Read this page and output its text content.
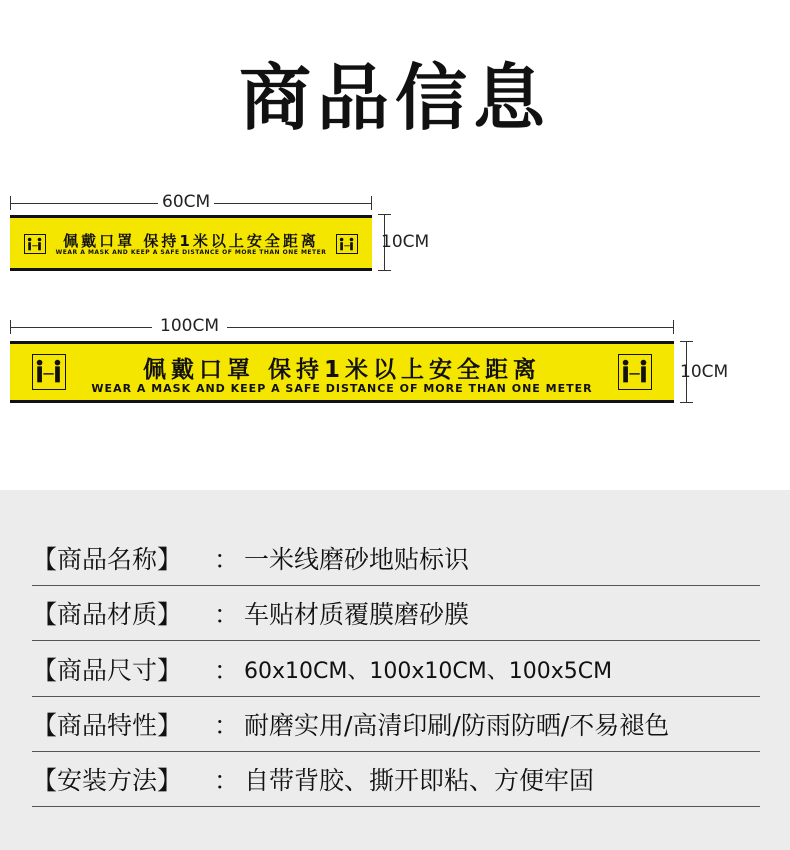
商品信息
60CM
10CM
佩戴口罩 保持1米以上安全距离
WEAR A MASK AND KEEP A SAFE DISTANCE OF MORE THAN ONE METER
100CM
10CM
佩戴口罩 保持1米以上安全距离
WEAR A MASK AND KEEP A SAFE DISTANCE OF MORE THAN ONE METER
【商品名称】	： 一米线磨砂地贴标识
【商品材质】	： 车贴材质覆膜磨砂膜
【商品尺寸】	： 60x10CM、100x10CM、100x5CM
【商品特性】	： 耐磨实用/高清印刷/防雨防晒/不易褪色
【安装方法】	： 自带背胶、撕开即粘、方便牢固
